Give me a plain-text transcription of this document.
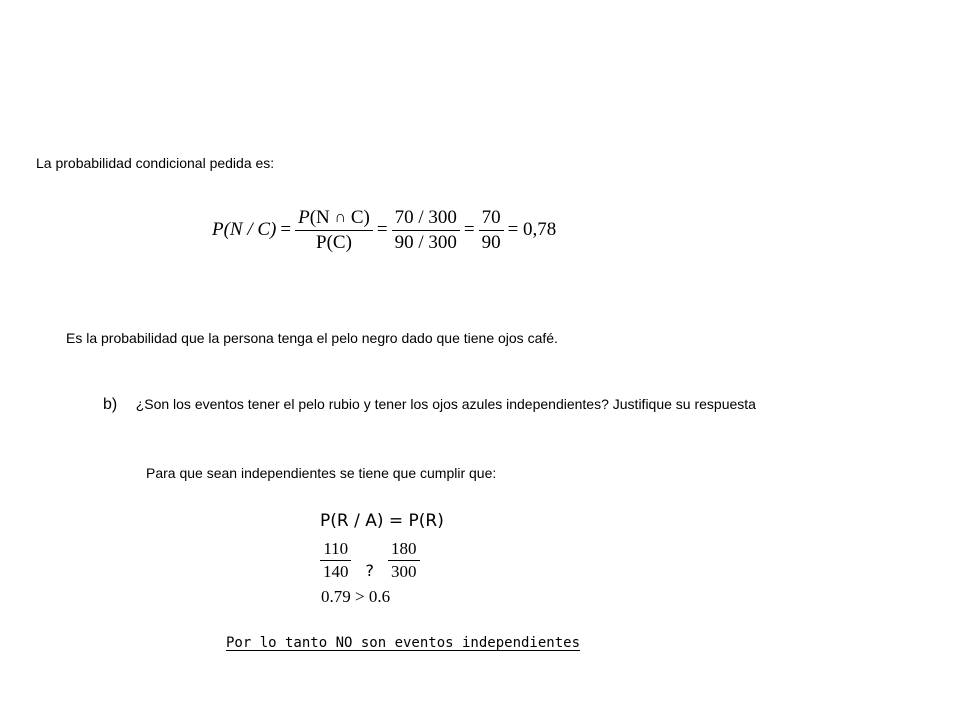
La probabilidad condicional pedida es:
$P(N / C) = \frac{P(N \cap C)}{P(C)} = \frac{70 / 300}{90 / 300} = \frac{70}{90} = 0,78$
Es la probabilidad que la persona tenga el pelo negro dado que tiene ojos café.
b) ¿Son los eventos tener el pelo rubio y tener los ojos azules independientes? Justifique su respuesta
Para que sean independientes se tiene que cumplir que:
P(R / A) = P(R)
$\frac{110}{140}$ ? $\frac{180}{300}$
0.79 > 0.6
Por lo tanto NO son eventos independientes
